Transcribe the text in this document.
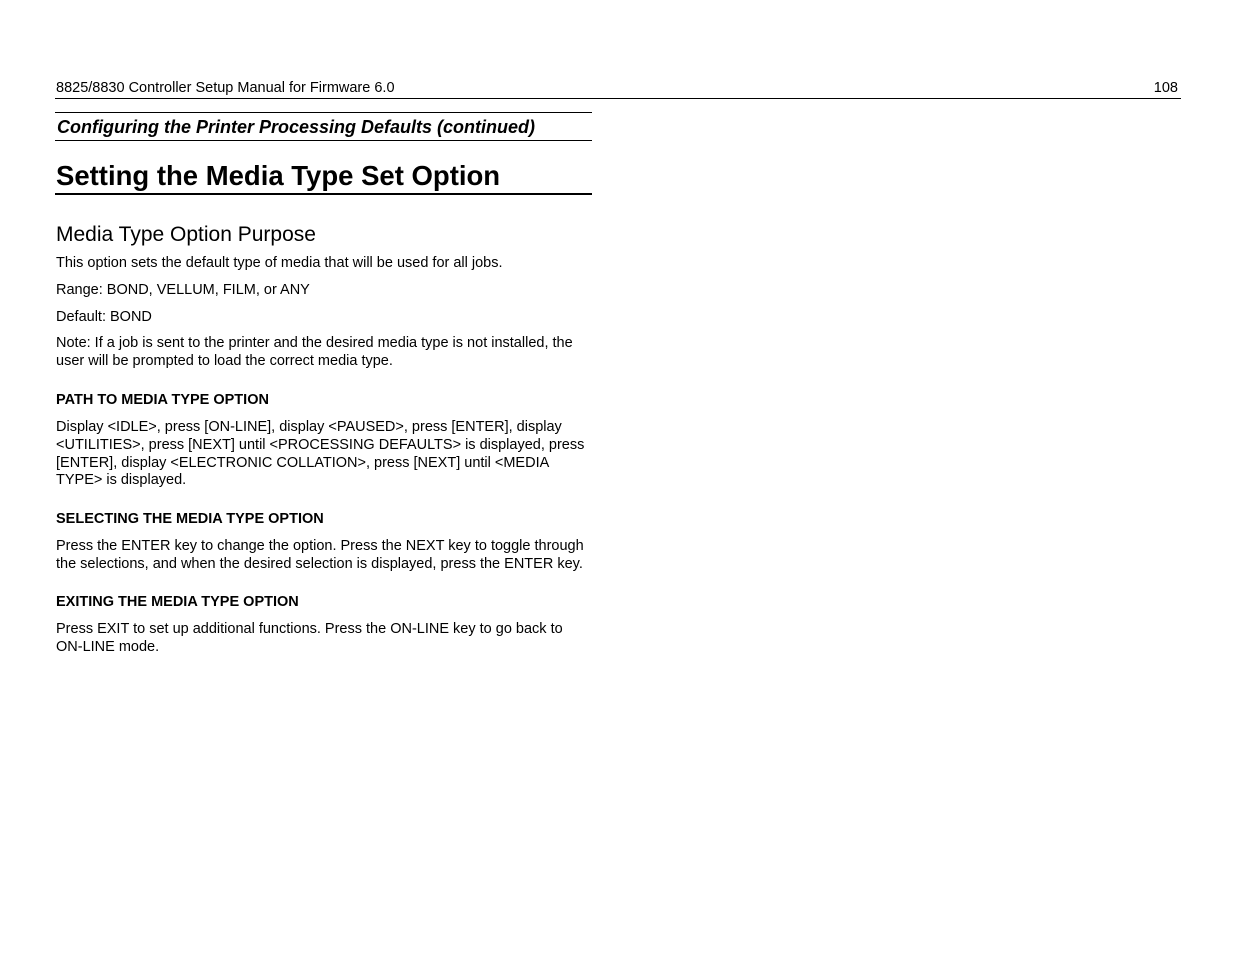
8825/8830 Controller Setup Manual for Firmware 6.0	108
Configuring the Printer Processing Defaults (continued)
Setting the Media Type Set Option
Media Type Option Purpose

This option sets the default type of media that will be used for all jobs.

Range: BOND, VELLUM, FILM, or ANY

Default: BOND

Note: If a job is sent to the printer and the desired media type is not installed, the user will be prompted to load the correct media type.

PATH TO MEDIA TYPE OPTION

Display <IDLE>, press [ON-LINE], display <PAUSED>, press [ENTER], display <UTILITIES>, press [NEXT] until <PROCESSING DEFAULTS> is displayed, press [ENTER], display <ELECTRONIC COLLATION>, press [NEXT] until <MEDIA TYPE> is displayed.

SELECTING THE MEDIA TYPE OPTION

Press the ENTER key to change the option. Press the NEXT key to toggle through the selections, and when the desired selection is displayed, press the ENTER key.

EXITING THE MEDIA TYPE OPTION

Press EXIT to set up additional functions. Press the ON-LINE key to go back to ON-LINE mode.
